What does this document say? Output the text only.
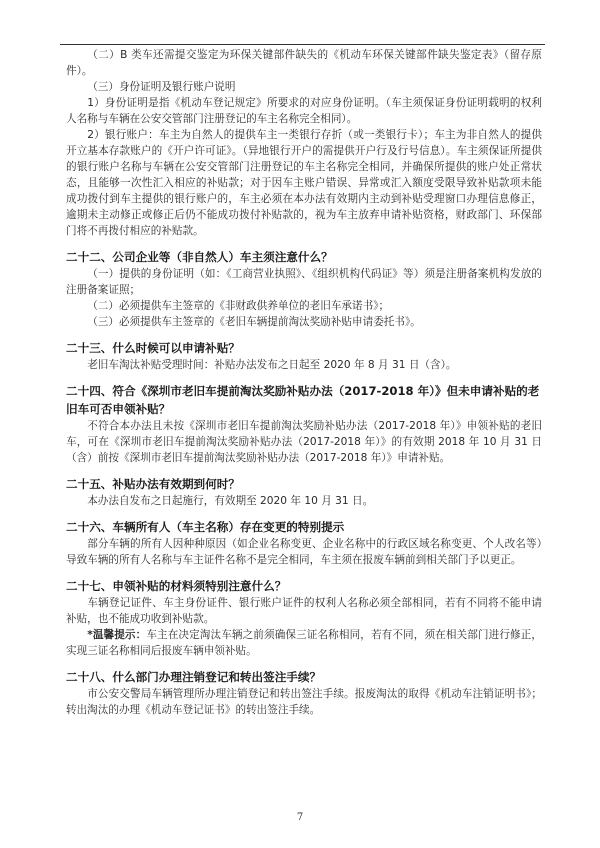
（二）B 类车还需提交鉴定为环保关键部件缺失的《机动车环保关键部件缺失鉴定表》（留存原件）。

（三）身份证明及银行账户说明

1）身份证明是指《机动车登记规定》所要求的对应身份证明。（车主须保证身份证明载明的权利人名称与车辆在公安交管部门注册登记的车主名称完全相同）。

2）银行账户：车主为自然人的提供车主一类银行存折（或一类银行卡）；车主为非自然人的提供开立基本存款账户的《开户许可证》。（异地银行开户的需提供开户行及行号信息）。车主须保证所提供的银行账户名称与车辆在公安交管部门注册登记的车主名称完全相同，并确保所提供的账户处正常状态，且能够一次性汇入相应的补贴款；对于因车主账户错误、异常或汇入额度受限导致补贴款项未能成功拨付到车主提供的银行账户的，车主必须在本办法有效期内主动到补贴受理窗口办理信息修正，逾期未主动修正或修正后仍不能成功拨付补贴款的，视为车主放弃申请补贴资格，财政部门、环保部门将不再拨付相应的补贴款。

二十二、公司企业等（非自然人）车主须注意什么？

（一）提供的身份证明（如：《工商营业执照》、《组织机构代码证》等）须是注册备案机构发放的注册备案证照；

（二）必须提供车主签章的《非财政供养单位的老旧车承诺书》；

（三）必须提供车主签章的《老旧车辆提前淘汰奖励补贴申请委托书》。

二十三、什么时候可以申请补贴？

老旧车淘汰补贴受理时间：补贴办法发布之日起至 2020 年 8 月 31 日（含）。

二十四、符合《深圳市老旧车提前淘汰奖励补贴办法（2017-2018 年）》但未申请补贴的老旧车可否申领补贴？

不符合本办法且未按《深圳市老旧车提前淘汰奖励补贴办法（2017-2018 年）》申领补贴的老旧车，可在《深圳市老旧车提前淘汰奖励补贴办法（2017-2018 年）》的有效期 2018 年 10 月 31 日（含）前按《深圳市老旧车提前淘汰奖励补贴办法（2017-2018 年）》申请补贴。

二十五、补贴办法有效期到何时？

本办法自发布之日起施行，有效期至 2020 年 10 月 31 日。

二十六、车辆所有人（车主名称）存在变更的特别提示

部分车辆的所有人因种种原因（如企业名称变更、企业名称中的行政区域名称变更、个人改名等）导致车辆的所有人名称与车主证件名称不是完全相同，车主须在报废车辆前到相关部门予以更正。

二十七、申领补贴的材料须特别注意什么？

车辆登记证件、车主身份证件、银行账户证件的权利人名称必须全部相同，若有不同将不能申请补贴，也不能成功收到补贴款。

*温馨提示：车主在决定淘汰车辆之前须确保三证名称相同，若有不同，须在相关部门进行修正，实现三证名称相同后报废车辆申领补贴。

二十八、什么部门办理注销登记和转出签注手续？

市公安交警局车辆管理所办理注销登记和转出签注手续。报废淘汰的取得《机动车注销证明书》；转出淘汰的办理《机动车登记证书》的转出签注手续。

7
